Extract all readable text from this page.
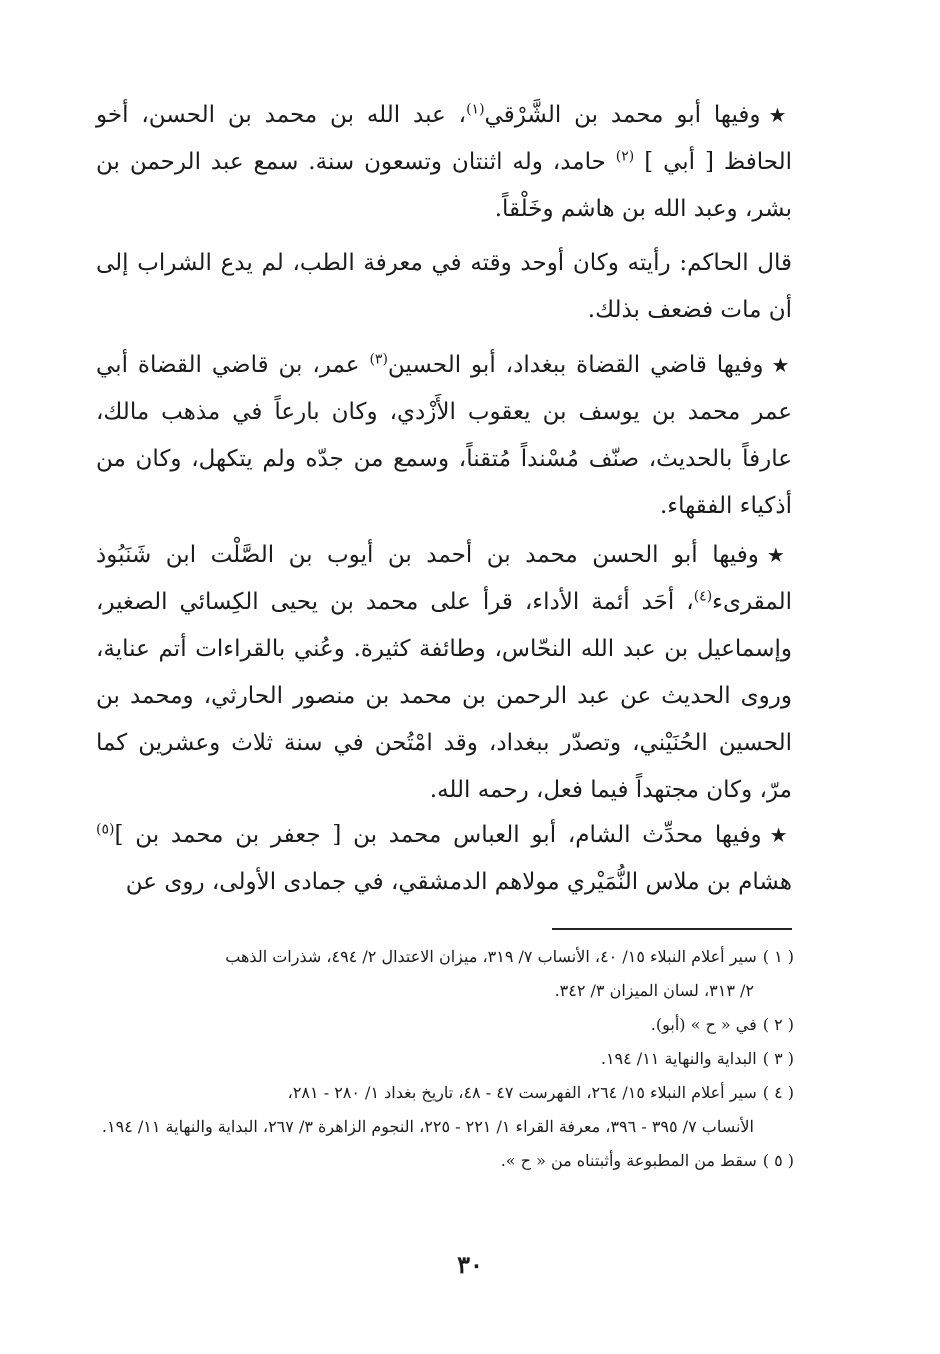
★وفيها أبو محمد بن الشَّرْقي$^{(١)}$، عبد الله بن محمد بن الحسن، أخو الحافظ [ أبي ] $^{(٢)}$ حامد، وله اثنتان وتسعون سنة. سمع عبد الرحمن بن بشر، وعبد الله بن هاشم وخَلْقاً.

قال الحاكم: رأيته وكان أوحد وقته في معرفة الطب، لم يدع الشراب إلى أن مات فضعف بذلك.

★وفيها قاضي القضاة ببغداد، أبو الحسين$^{(٣)}$ عمر، بن قاضي القضاة أبي عمر محمد بن يوسف بن يعقوب الأَزْدي، وكان بارعاً في مذهب مالك، عارفاً بالحديث، صنّف مُسْنداً مُتقناً، وسمع من جدّه ولم يتكهل، وكان من أذكياء الفقهاء.

★وفيها أبو الحسن محمد بن أحمد بن أيوب بن الصَّلْت ابن شَنَبُوذ المقرىء$^{(٤)}$، أحَد أئمة الأداء، قرأ على محمد بن يحيى الكِسائي الصغير، وإسماعيل بن عبد الله النحّاس، وطائفة كثيرة. وعُني بالقراءات أتم عناية، وروى الحديث عن عبد الرحمن بن محمد بن منصور الحارثي، ومحمد بن الحسين الحُنَيْني، وتصدّر ببغداد، وقد امْتُحن في سنة ثلاث وعشرين كما مرّ، وكان مجتهداً فيما فعل، رحمه الله.

★وفيها محدِّث الشام، أبو العباس محمد بن [ جعفر بن محمد بن ]$^{(٥)}$ هشام بن ملاس النُّمَيْري مولاهم الدمشقي، في جمادى الأولى، روى عن

( ١ )سير أعلام النبلاء ١٥/ ٤٠، الأنساب ٧/ ٣١٩، ميزان الاعتدال ٢/ ٤٩٤، شذرات الذهب
٢/ ٣١٣، لسان الميزان ٣/ ٣٤٢.
( ٢ )في « ح » (أبو).
( ٣ )البداية والنهاية ١١/ ١٩٤.
( ٤ )سير أعلام النبلاء ١٥/ ٢٦٤، الفهرست ٤٧ - ٤٨، تاريخ بغداد ١/ ٢٨٠ - ٢٨١،
الأنساب ٧/ ٣٩٥ - ٣٩٦، معرفة القراء ١/ ٢٢١ - ٢٢٥، النجوم الزاهرة ٣/ ٢٦٧، البداية والنهاية ١١/ ١٩٤.
( ٥ )سقط من المطبوعة وأثبتناه من « ح ».
٣٠
